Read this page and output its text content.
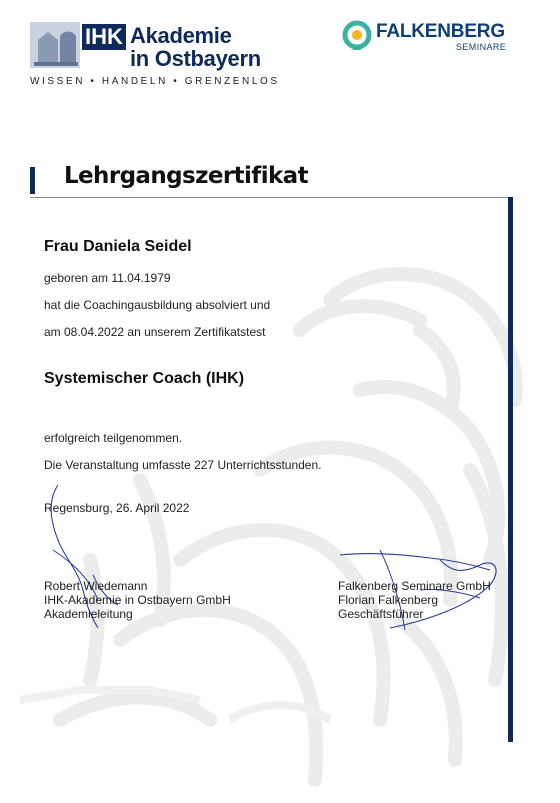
IHK Akademie
in Ostbayern
WISSEN • HANDELN • GRENZENLOS
FALKENBERG
SEMINARE
Lehrgangszertifikat
Frau Daniela Seidel
geboren am 11.04.1979
hat die Coachingausbildung absolviert und
am 08.04.2022 an unserem Zertifikatstest
Systemischer Coach (IHK)
erfolgreich teilgenommen.
Die Veranstaltung umfasste 227 Unterrichtsstunden.
Regensburg, 26. April 2022
Robert Wiedemann
IHK-Akademie in Ostbayern GmbH
Akademieleitung
Falkenberg Seminare GmbH
Florian Falkenberg
Geschäftsführer
